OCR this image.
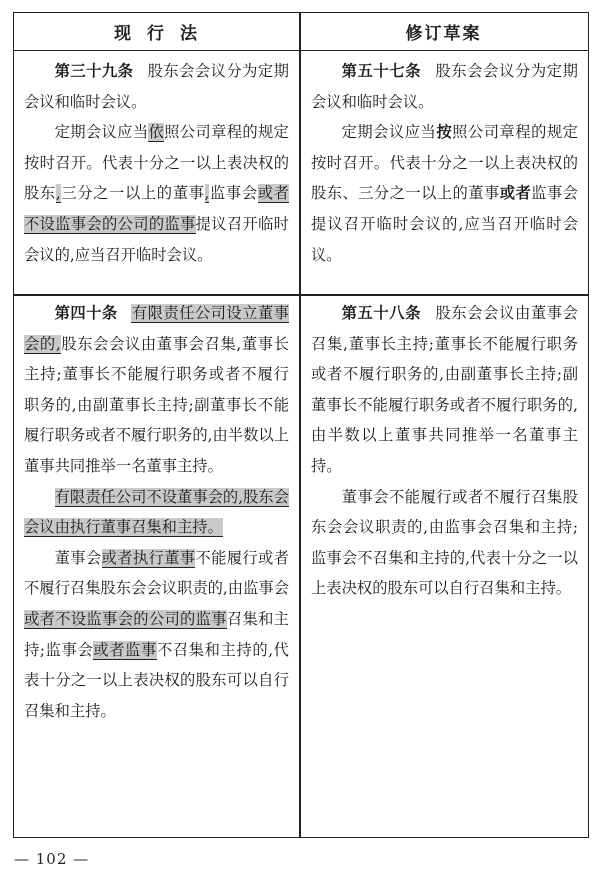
现 行 法	修订草案

第三十九条 股东会会议分为定期会议和临时会议。

定期会议应当依照公司章程的规定按时召开。代表十分之一以上表决权的股东,三分之一以上的董事,监事会或者不设监事会的公司的监事提议召开临时会议的,应当召开临时会议。

第五十七条 股东会会议分为定期会议和临时会议。

定期会议应当按照公司章程的规定按时召开。代表十分之一以上表决权的股东、三分之一以上的董事或者监事会提议召开临时会议的,应当召开临时会议。

第四十条 有限责任公司设立董事会的,股东会会议由董事会召集,董事长主持;董事长不能履行职务或者不履行职务的,由副董事长主持;副董事长不能履行职务或者不履行职务的,由半数以上董事共同推举一名董事主持。

有限责任公司不设董事会的,股东会会议由执行董事召集和主持。

董事会或者执行董事不能履行或者不履行召集股东会会议职责的,由监事会或者不设监事会的公司的监事召集和主持;监事会或者监事不召集和主持的,代表十分之一以上表决权的股东可以自行召集和主持。

第五十八条 股东会会议由董事会召集,董事长主持;董事长不能履行职务或者不履行职务的,由副董事长主持;副董事长不能履行职务或者不履行职务的,由半数以上董事共同推举一名董事主持。

董事会不能履行或者不履行召集股东会会议职责的,由监事会召集和主持;监事会不召集和主持的,代表十分之一以上表决权的股东可以自行召集和主持。

— 102 —
